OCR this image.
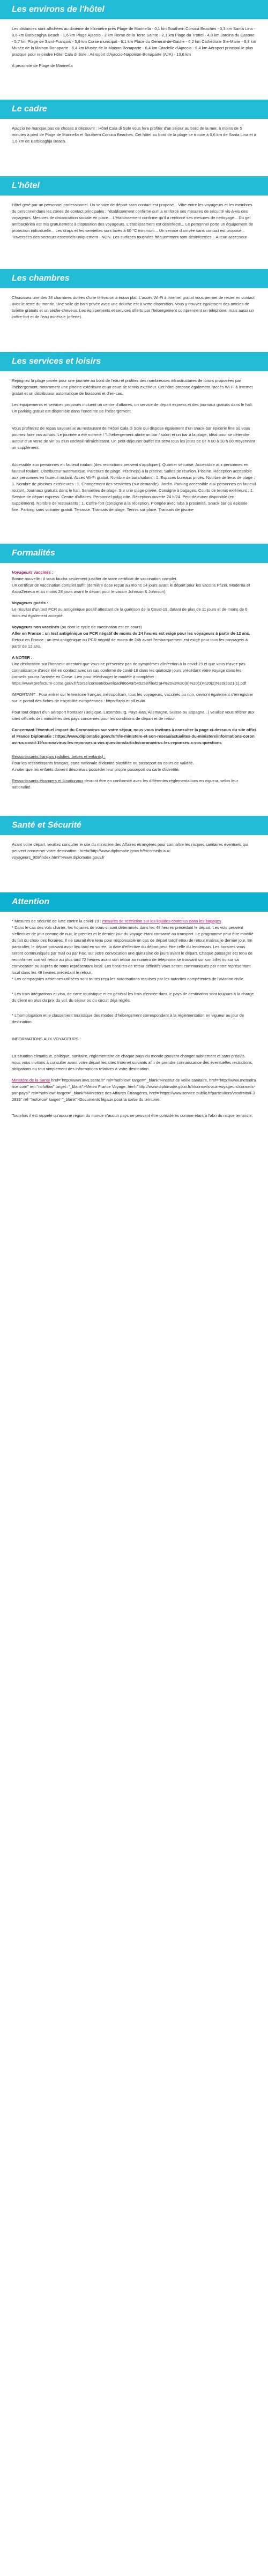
Les environs de l'hôtel

Les distances sont affichées au dixième de kilomètre près Plage de Marinella - 0,1 km Southern Corsica Beaches - 0,3 km Santa Lina - 0,6 km Barbicaghja Beach - 1,6 km Plage Ajaccio - 2 km Rome de la Terre Sainte - 2,1 km Plage du Trottel - 4,8 km Jardins du Casone - 5,7 km Plage de Saint-François - 5,9 km Corse municipal - 6,1 km Place du Général-de-Gaulle - 6,2 km Cathédrale Ste-Marie - 6,3 km Musée de la Maison Bonaparte - 6,4 km Musée de la Maison Bonaparte - 6,4 km Citadelle d'Ajaccio - 6,4 km Aéroport principal le plus pratique pour rejoindre Hôtel Cala di Sole : Aéroport d'Ajaccio-Napoleon-Bonaparte (AJA) - 13,6 km

À proximité de Plage de Marinella

Le cadre

Ajaccio ne manque pas de choses à découvrir : Hôtel Cala di Sole vous fera profiter d'un séjour au bord de la mer, à moins de 5 minutes à pied de Plage de Marinella et Southern Corsica Beaches. Cet hôtel au bord de la plage se trouve à 0,6 km de Santa Lina et à 1,6 km de Barbicaghja Beach.

L'hôtel

Hôtel géré par un personnel professionnel. Un service de départ sans contact est proposé... Vitre entre les voyageurs et les membres du personnel dans les zones de contact principales ; l'établissement confirme qu'il a renforcé ses mesures de sécurité vis-à-vis des voyageurs. Mesures de distanciation sociale en place... L'établissement confirme qu'il a renforcé ses mesures de nettoyage... Du gel antibactérien est mis gratuitement à disposition des voyageurs. L'établissement est désinfecté... Le personnel porte un équipement de protection individuelle... Les draps et les serviettes sont lavés à 60 °C minimum... Un service d'arrivée sans contact est proposé... Traversées des secteurs essentiels uniquement - NON. Les surfaces touchées fréquemment sont désinfectées... Aucun accesseur

Les chambres

Choisissez une des 34 chambres dotées d'une télévision à écran plat. L'accès Wi-Fi à Internet gratuit vous permet de rester en contact avec le reste du monde. Une salle de bain privée avec une douche est à votre disposition. Vous y trouvez également des articles de toilette gratuits et un sèche-cheveux. Les équipements et services offerts par l'hébergement comprennent un téléphone, mais aussi un coffre-fort et de l'eau minérale (offerte).

Les services et loisirs

Rejoignez la plage privée pour une journée au bord de l'eau et profitez des nombreuses infrastructures de loisirs proposées par l'hébergement, notamment une piscine extérieure et un court de tennis extérieur. Cet hôtel propose également l'accès Wi-Fi à Internet gratuit et un distributeur automatique de boissons et d'en-cas.

Les équipements et services proposés incluent un centre d'affaires, un service de départ express et des journaux gratuits dans le hall. Un parking gratuit est disponible dans l'enceinte de l'hébergement.

Vous profiterez de repas savoureux au restaurant de l'Hôtel Cala di Sole qui dispose également d'un snack-bar épicerie fine où vous pourrez faire vos achats. Le journée a été nommé ! "L'hébergement abrite un bar / salon et un bar à la plage, idéal pour se détendre autour d'un verre de vin ou d'un cocktail rafraîchissant. Un petit-déjeuner buffet est servi tous les jours de 07 h 00 à 10 h 00 moyennant un supplément.

Accessible aux personnes en fauteuil roulant (des restrictions peuvent s'appliquer). Quartier sécurisé. Accessible aux personnes en fauteuil roulant. Distributeur automatique. Parcours de plage. Piscine(s) à la piscine. Salles de réunion. Piscine. Réception accessible aux personnes en fauteuil roulant. Accès Wi-Fi gratuit. Nombre de bars/salons : 1. Espaces bureaux privés. Nombre de lieux de plage : 1. Nombre de piscines extérieures : 1. Changement des serviettes (sur demande). Jardin. Parking accessible aux personnes en fauteuil roulant. Journaux gratuits dans le hall. Serviettes de plage. Sur une plage privée. Consigne à bagages. Courts de tennis extérieurs : 1. Service de départ express. Centre d'affaires. Personnel polyglotte. Réception ouverte 24 h/24. Petit-déjeuner disponible (en supplément). Nombre de restaurants : 1. Coffre-fort (consigne à la réception. Plongée avec tuba à proximité. Snack-bar où épicerie fine. Parking sans voiturier gratuit. Terrasse. Transats de plage. Tennis sur place. Transats de piscine

Formalités

Voyageurs vaccinés :

Bonne nouvelle : il vous faudra seulement justifier de votre certificat de vaccination complet.

Un certificat de vaccination complet suffit (dernière dose reçue au moins 14 jours avant le départ pour les vaccins Pfizer, Moderna et AstraZeneca et au moins 28 jours avant le départ pour le vaccin Johnson & Johnson).

Voyageurs guéris :

Le résultat d'un test PCR ou antigénique positif attestant de la guérison de la Covid-19, datant de plus de 11 jours et de moins de 6 mois est également accepté.

Voyageurs non vaccinés (ou dont le cycle de vaccination est en cours)

Aller en France : un test antigénique ou PCR négatif de moins de 24 heures est exigé pour les voyageurs à partir de 12 ans.

Retour en France : un test antigénique ou PCR négatif de moins de 24h avant l'embarquement est exigé pour tous les passagers à partir de 12 ans.

A NOTER :

Une déclaration sur l'honneur attestant que vous ne présentez pas de symptômes d'infection à la covid-19 et que vous n'avez pas connaissance d'avoir été en contact avec un cas confirmé de covid-19 dans les quatorze jours précédant votre voyage dans les conseils pourra l'arrivée en Corse. Lien pour télécharger le modèle à compléter :

https://www.prefecture-corse.gouv.fr/corse/content/download/86649/545258/file/DSH%20v3%20(8)%20(3)%20(2)%20(2021(1).pdf

IMPORTANT : Pour entrer sur le territoire français métropolitain, tous les voyageurs, vaccinés ou non, devront également s'enregistrer sur le portail des fiches de traçabilité européennes : https://app.euplf.eu/#/

Pour tout départ d'un aéroport frontalier (Belgique, Luxembourg, Pays-Bas, Allemagne, Suisse ou Espagne...) veuillez vous référer aux sites officiels des ministères des pays concernés pour les conditions de départ et de retour.

Concernant l'éventuel impact du Coronavirus sur votre séjour, nous vous invitons à consulter la page ci-dessous du site officiel France Diplomatie : https://www.diplomatie.gouv.fr/fr/le-ministere-et-son-reseau/actualites-du-ministere/informations-coronavirus-covid-19/coronavirus-les-reponses-a-vos-questions/article/coronavirus-les-reponses-a-vos-questions

Ressortissants français (adultes, bébés et enfants) :

Pour les ressortissants français, carte nationale d'identité plastifiée ou passeport en cours de validité.

A noter que les enfants doivent désormais posséder leur propre passeport ou carte d'identité.

Ressortissants étrangers et binationaux devront être en conformité avec les différentes réglementations en vigueur, selon leur nationalité.

Santé et Sécurité

Avant votre départ, veuillez consulter le site du ministère des Affaires étrangères pour connaître les risques sanitaires éventuels qui peuvent concerner votre destination : href="http://www.diplomatie.gouv.fr/fr/conseils-aux-voyageurs_909/index.html">www.diplomatie.gouv.fr

Attention

* Mesures de sécurité de lutte contre la covid-19 : mesures de restriction sur les liquides contenus dans les bagages

* Dans le cas des vols charter, les horaires de vous-ci sont déterminés dans les 48 heures précédant le départ. Les vols peuvent s'effectuer de jour comme de nuit, le premier et le dernier jour du voyage étant consacré au transport. Le programme peut être modifié du fait du choix des horaires. Il ne saurait être tenu pour responsable en cas de départ tardif et/ou de retour matinal le dernier jour. En particulier, le départ pouvant avoir lieu tard en soirée, la date d'effective du départ peut être celle du lendemain. Les horaires vous seront communiqués par mail ou par Fax, sur votre convocation une quinzaine de jours avant le départ. Chaque passager est tenu de reconfirmer son vol retour au plus tard 72 heures avant son retour au numéro de téléphone se trouvant sur son billet ou sur sa convocation ou auprès de notre représentant local. Les horaires de retour définitifs vous seront communiqués par notre représentant local dans les 48 heures précédant le retour.

* Les compagnies aériennes utilisées sont toutes reçu les autorisations requises par les autorités compétentes de l'aviation civile.

* Les trais intégrations et visa, de carte touristique et en général les frais d'entrée dans le pays de destination sont toujours à la charge du client en plus du prix du vol, du séjour ou du circuit déjà réglés.

* L'homologation et le classement touristique des modes d'hébergement correspondent à la réglementation en vigueur au jour de destination.

INFORMATIONS AUX VOYAGEURS :

La situation climatique, politique, sanitaire, réglementaire de chaque pays du monde pouvant changer subitement et sans préavis.

nous vous invitons à consulter avant votre départ les sites Internet suivants afin de prendre connaissance des éventuelles restrictions, obligations ou tout simplement des informations relatives à votre destination.

Ministère de la Santé href="http://www.invs.sante.fr" rel="nofollow" target="_blank">Institut de veille sanitaire, href="http://www.meteofrance.com" rel="nofollow" target="_blank">Météo France Voyage, href="http://www.diplomatie.gouv.fr/fr/conseils-aux-voyageurs/conseils-par-pays/" rel="nofollow" target="_blank">Ministère des Affaires Étrangères, href="https://www.service-public.fr/particuliers/vosdroits/F32833" rel="nofollow" target="_blank">Documents légaux pour la sortie du territoire.

Toutefois il est rappelé qu'aucune région du monde n'aucun pays ne peuvent être considérés comme étant à l'abri du risque terroriste.
